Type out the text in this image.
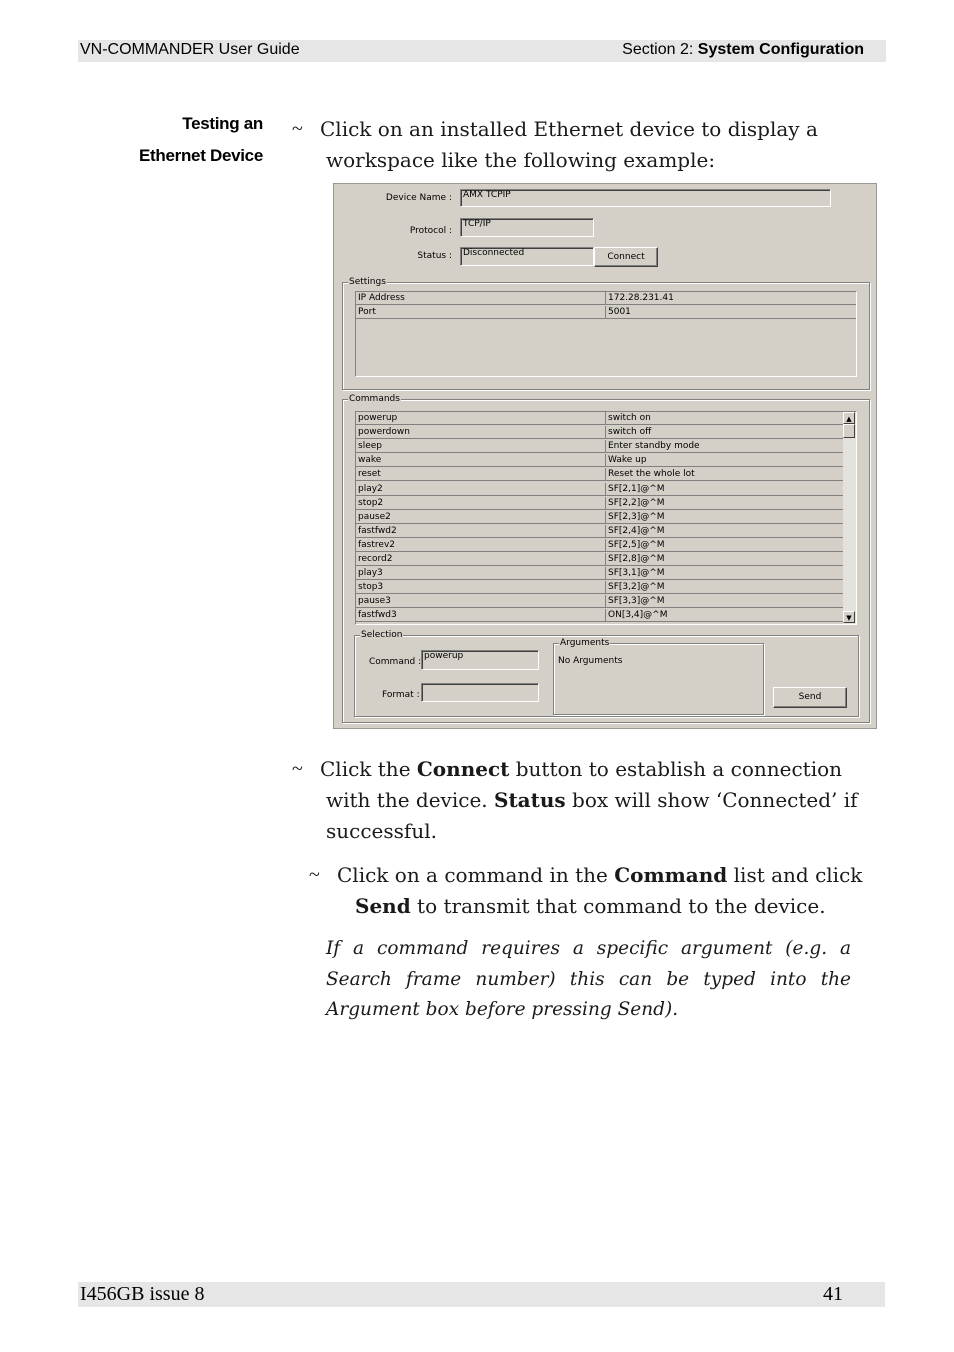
VN-COMMANDER User Guide	Section 2: System Configuration
Testing an
Ethernet Device
~ Click on an installed Ethernet device to display a
workspace like the following example:
Device Name :	AMX TCPIP
Protocol :
TCP/IP
Status :	Disconnected	Connect
Settings
IP Address	172.28.231.41
Port	5001
Commands
powerup	switch on
powerdown	switch off
sleep	Enter standby mode
wake	Wake up
reset	Reset the whole lot
play2	SF[2,1]@^M
stop2	SF[2,2]@^M
pause2	SF[2,3]@^M
fastfwd2	SF[2,4]@^M
fastrev2	SF[2,5]@^M
record2	SF[2,8]@^M
play3	SF[3,1]@^M
stop3	SF[3,2]@^M
pause3	SF[3,3]@^M
fastfwd3	ON[3,4]@^M
▲
▼
Selection
Command :
powerup
Format :
Arguments
No Arguments
Send
~ Click the Connect button to establish a connection
with the device. Status box will show ‘Connected’ if
successful.
~ Click on a command in the Command list and click
Send to transmit that command to the device.
If a command requires a specific argument (e.g. a Search frame number) this can be typed into the Argument box before pressing Send).
I456GB issue 8	41
